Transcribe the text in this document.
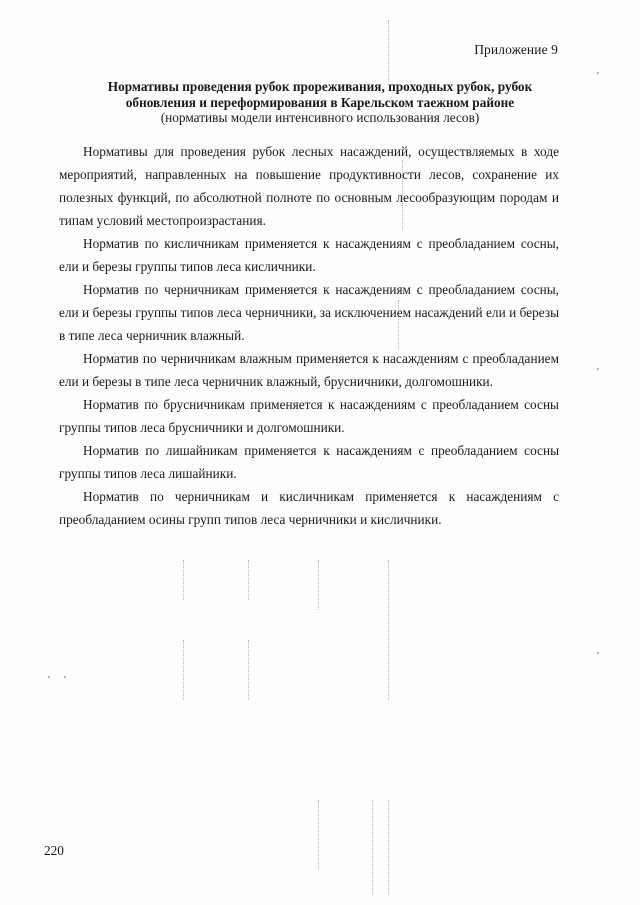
Приложение 9
Нормативы проведения рубок прореживания, проходных рубок, рубок
обновления и переформирования в Карельском таежном районе
(нормативы модели интенсивного использования лесов)

Нормативы для проведения рубок лесных насаждений, осуществляемых в ходе мероприятий, направленных на повышение продуктивности лесов, сохранение их полезных функций, по абсолютной полноте по основным лесообразующим породам и типам условий местопроизрастания.

Норматив по кисличникам применяется к насаждениям с преобладанием сосны, ели и березы группы типов леса кисличники.

Норматив по черничникам применяется к насаждениям с преобладанием сосны, ели и березы группы типов леса черничники, за исключением насаждений ели и березы в типе леса черничник влажный.

Норматив по черничникам влажным применяется к насаждениям с преобладанием ели и березы в типе леса черничник влажный, брусничники, долгомошники.

Норматив по брусничникам применяется к насаждениям с преобладанием сосны группы типов леса брусничники и долгомошники.

Норматив по лишайникам применяется к насаждениям с преобладанием сосны группы типов леса лишайники.

Норматив по черничникам и кисличникам применяется к насаждениям с преобладанием осины групп типов леса черничники и кисличники.

220
